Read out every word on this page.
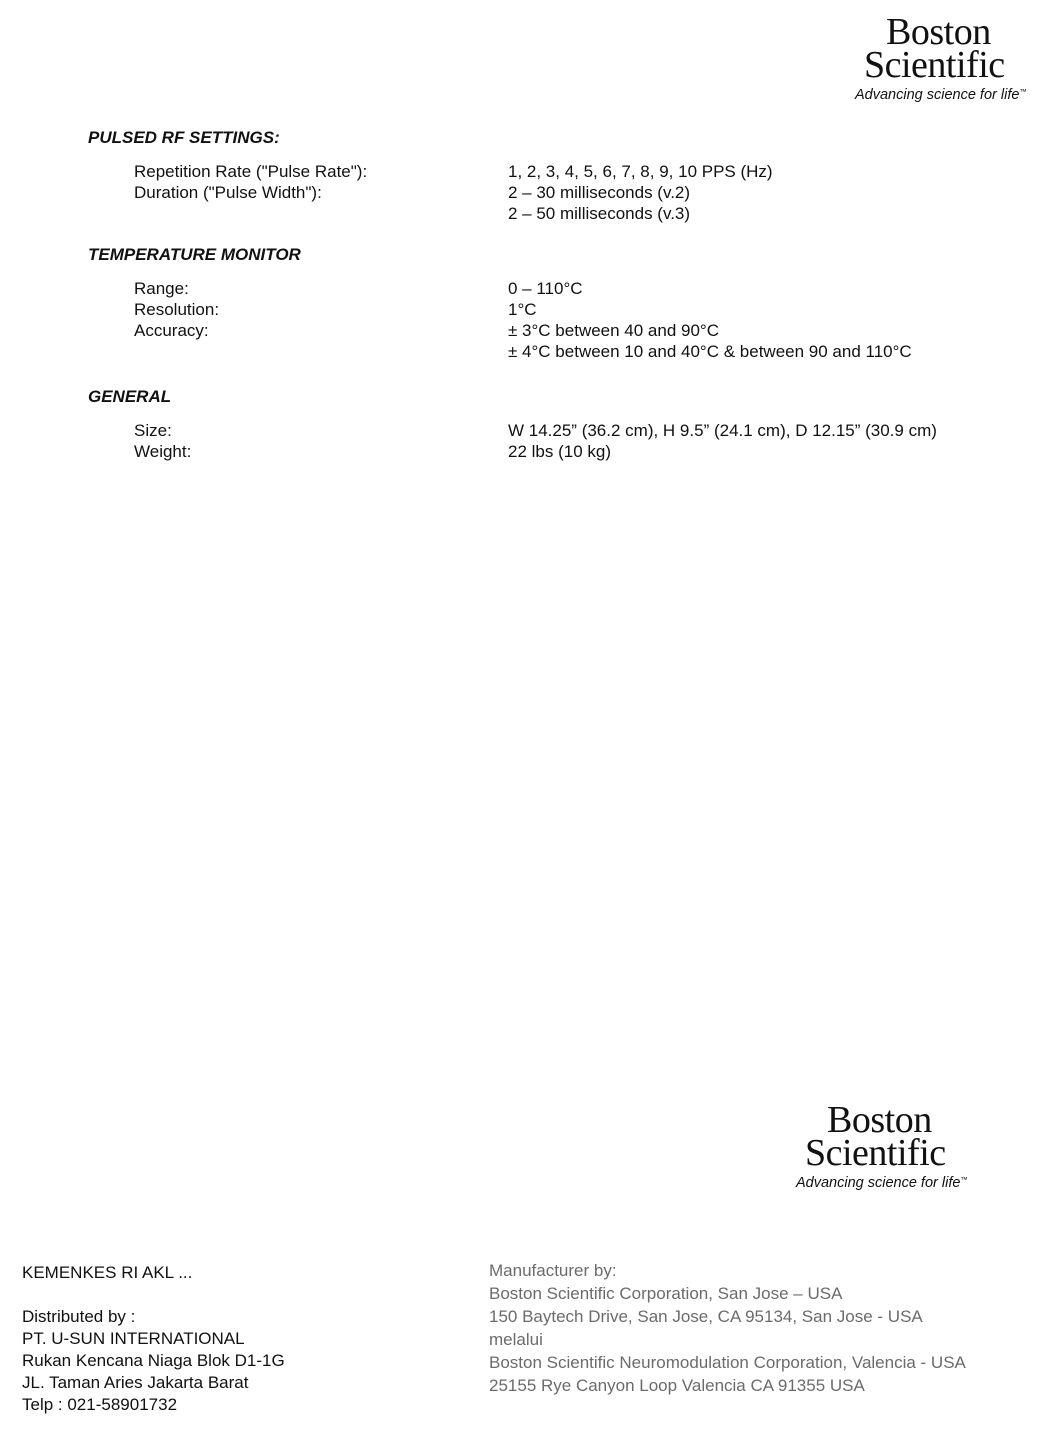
Boston
Scientific
Advancing science for life™
PULSED RF SETTINGS:
Repetition Rate ("Pulse Rate"):	1, 2, 3, 4, 5, 6, 7, 8, 9, 10 PPS (Hz)
Duration ("Pulse Width"):	2 – 30 milliseconds (v.2)
2 – 50 milliseconds (v.3)
TEMPERATURE MONITOR
Range:	0 – 110°C
Resolution:	1°C
Accuracy:	± 3°C between 40 and 90°C
± 4°C between 10 and 40°C & between 90 and 110°C
GENERAL
Size:	W 14.25” (36.2 cm), H 9.5” (24.1 cm), D 12.15” (30.9 cm)
Weight:	22 lbs (10 kg)
Boston
Scientific
Advancing science for life™
KEMENKES RI AKL ...
Distributed by :
PT. U-SUN INTERNATIONAL
Rukan Kencana Niaga Blok D1-1G
JL. Taman Aries Jakarta Barat
Telp : 021-58901732
Manufacturer by:
Boston Scientific Corporation, San Jose – USA
150 Baytech Drive, San Jose, CA 95134, San Jose - USA
melalui
Boston Scientific Neuromodulation Corporation, Valencia - USA
25155 Rye Canyon Loop Valencia CA 91355 USA
